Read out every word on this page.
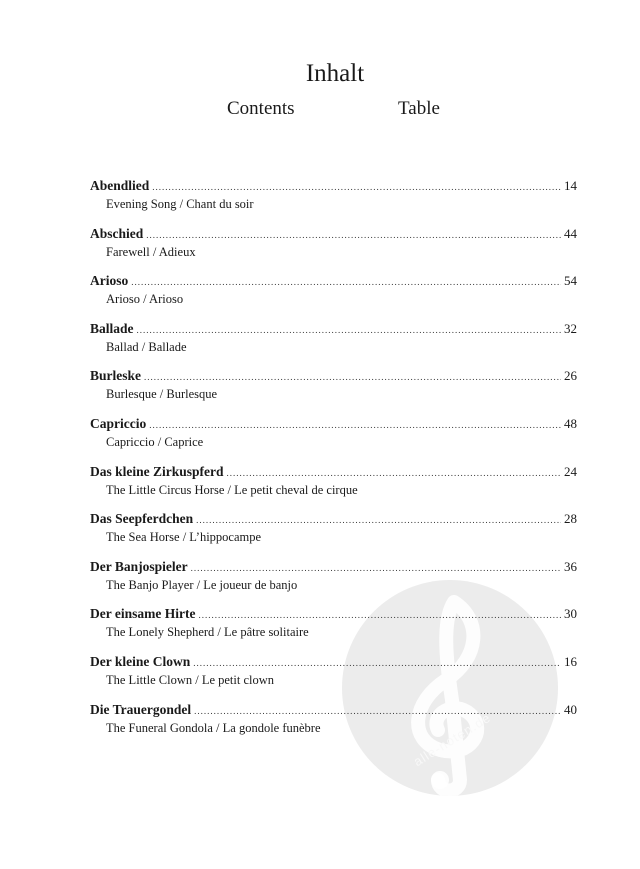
alle-noten.de
Inhalt
Contents	Table
Abendlied .....	14
Evening Song / Chant du soir
Abschied .....	44
Farewell / Adieux
Arioso .....	54
Arioso / Arioso
Ballade .....	32
Ballad / Ballade
Burleske .....	26
Burlesque / Burlesque
Capriccio .....	48
Capriccio / Caprice
Das kleine Zirkuspferd .....	24
The Little Circus Horse / Le petit cheval de cirque
Das Seepferdchen .....	28
The Sea Horse / L’hippocampe
Der Banjospieler .....	36
The Banjo Player / Le joueur de banjo
Der einsame Hirte .....	30
The Lonely Shepherd / Le pâtre solitaire
Der kleine Clown .....	16
The Little Clown / Le petit clown
Die Trauergondel .....	40
The Funeral Gondola / La gondole funèbre
